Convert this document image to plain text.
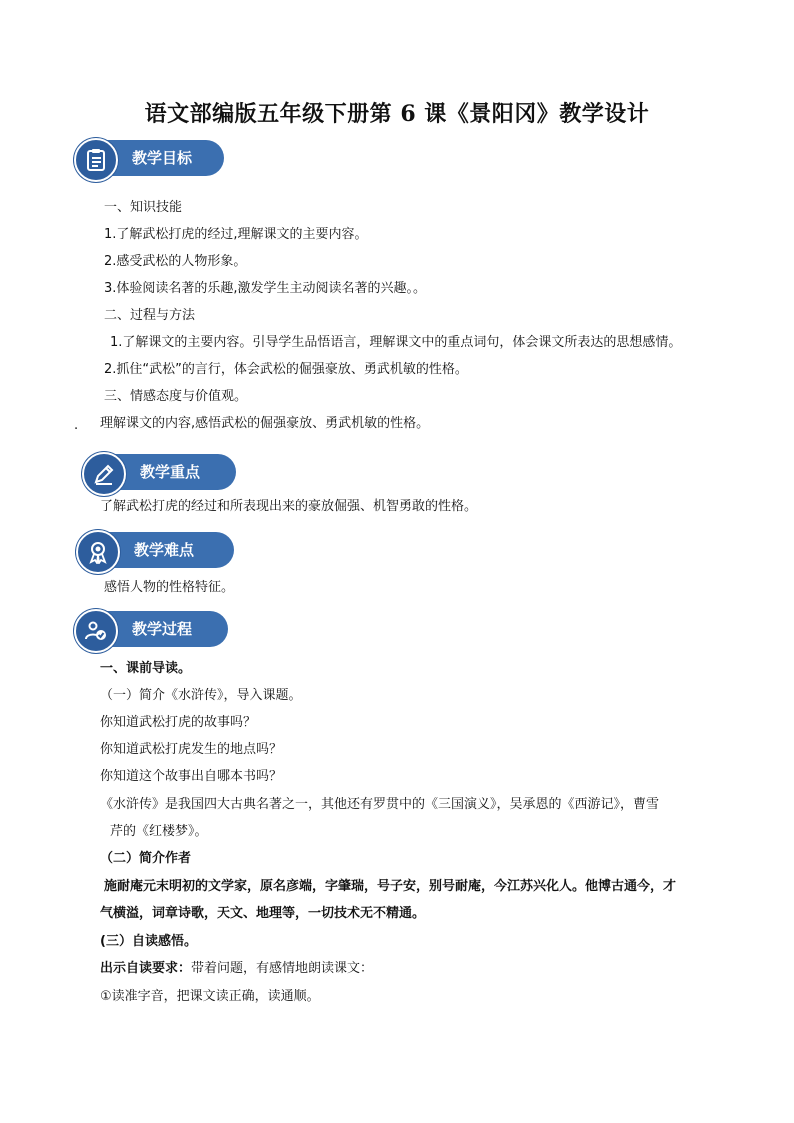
语文部编版五年级下册第 6 课《景阳冈》教学设计
教学目标
一、知识技能
1.了解武松打虎的经过,理解课文的主要内容。
2.感受武松的人物形象。
3.体验阅读名著的乐趣,激发学生主动阅读名著的兴趣。。
二、过程与方法
1.了解课文的主要内容。引导学生品悟语言，理解课文中的重点词句，体会课文所表达的思想感情。
2.抓住“武松”的言行，体会武松的倔强豪放、勇武机敏的性格。
三、情感态度与价值观。
. 理解课文的内容,感悟武松的倔强豪放、勇武机敏的性格。
教学重点
了解武松打虎的经过和所表现出来的豪放倔强、机智勇敢的性格。
教学难点
感悟人物的性格特征。
教学过程
一、课前导读。
（一）简介《水浒传》，导入课题。
你知道武松打虎的故事吗？
你知道武松打虎发生的地点吗？
你知道这个故事出自哪本书吗？
《水浒传》是我国四大古典名著之一，其他还有罗贯中的《三国演义》，吴承恩的《西游记》，曹雪
芹的《红楼梦》。
（二）简介作者
施耐庵元末明初的文学家，原名彦端，字肇瑞，号子安，别号耐庵，今江苏兴化人。他博古通今，才
气横溢，词章诗歌，天文、地理等，一切技术无不精通。
(三）自读感悟。
出示自读要求：带着问题，有感情地朗读课文：
①读准字音，把课文读正确，读通顺。
